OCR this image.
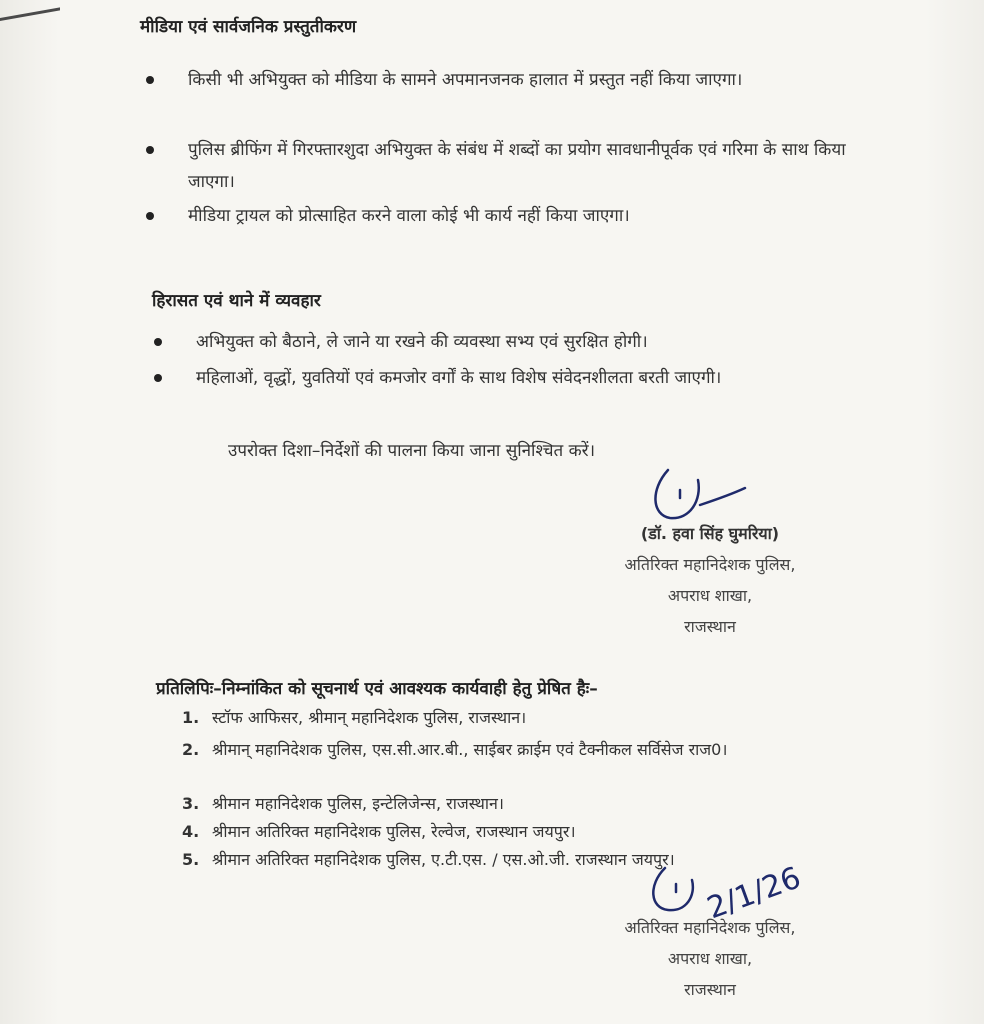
मीडिया एवं सार्वजनिक प्रस्तुतीकरण
किसी भी अभियुक्त को मीडिया के सामने अपमानजनक हालात में प्रस्तुत नहीं किया जाएगा।
पुलिस ब्रीफिंग में गिरफ्तारशुदा अभियुक्त के संबंध में शब्दों का प्रयोग सावधानीपूर्वक एवं गरिमा के साथ किया जाएगा।
मीडिया ट्रायल को प्रोत्साहित करने वाला कोई भी कार्य नहीं किया जाएगा।
हिरासत एवं थाने में व्यवहार
अभियुक्त को बैठाने, ले जाने या रखने की व्यवस्था सभ्य एवं सुरक्षित होगी।
महिलाओं, वृद्धों, युवतियों एवं कमजोर वर्गों के साथ विशेष संवेदनशीलता बरती जाएगी।
उपरोक्त दिशा–निर्देशों की पालना किया जाना सुनिश्चित करें।
(डॉ. हवा सिंह घुमरिया)
अतिरिक्त महानिदेशक पुलिस,
अपराध शाखा,
राजस्थान
प्रतिलिपिः–निम्नांकित को सूचनार्थ एवं आवश्यक कार्यवाही हेतु प्रेषित हैः–
1. स्टॉफ आफिसर, श्रीमान् महानिदेशक पुलिस, राजस्थान।
2. श्रीमान् महानिदेशक पुलिस, एस.सी.आर.बी., साईबर क्राईम एवं टैक्नीकल सर्विसेज राज0।
3. श्रीमान महानिदेशक पुलिस, इन्टेलिजेन्स, राजस्थान।
4. श्रीमान अतिरिक्त महानिदेशक पुलिस, रेल्वेज, राजस्थान जयपुर।
5. श्रीमान अतिरिक्त महानिदेशक पुलिस, ए.टी.एस. / एस.ओ.जी. राजस्थान जयपुर।
2/1/26
अतिरिक्त महानिदेशक पुलिस,
अपराध शाखा,
राजस्थान
